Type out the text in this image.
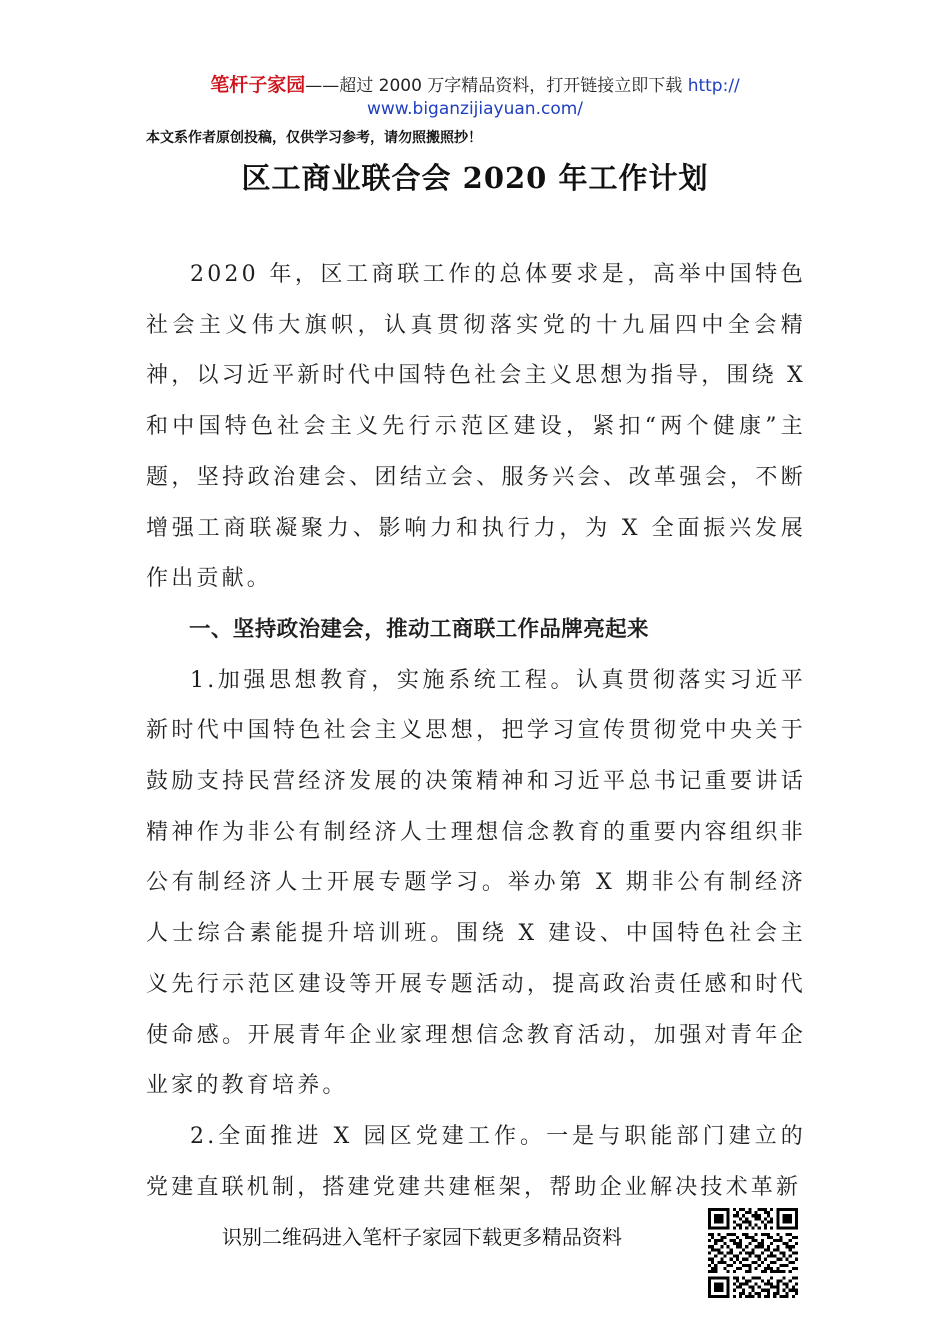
笔杆子家园——超过 2000 万字精品资料，打开链接立即下载 http://
www.biganzijiayuan.com/
本文系作者原创投稿，仅供学习参考，请勿照搬照抄！
区工商业联合会 2020 年工作计划

2020 年，区工商联工作的总体要求是，高举中国特色社会主义伟大旗帜，认真贯彻落实党的十九届四中全会精神，以习近平新时代中国特色社会主义思想为指导，围绕 X 和中国特色社会主义先行示范区建设，紧扣“两个健康”主题，坚持政治建会、团结立会、服务兴会、改革强会，不断增强工商联凝聚力、影响力和执行力，为 X 全面振兴发展作出贡献。

一、坚持政治建会，推动工商联工作品牌亮起来

1.加强思想教育，实施系统工程。认真贯彻落实习近平新时代中国特色社会主义思想，把学习宣传贯彻党中央关于鼓励支持民营经济发展的决策精神和习近平总书记重要讲话精神作为非公有制经济人士理想信念教育的重要内容组织非公有制经济人士开展专题学习。举办第 X 期非公有制经济人士综合素能提升培训班。围绕 X 建设、中国特色社会主义先行示范区建设等开展专题活动，提高政治责任感和时代使命感。开展青年企业家理想信念教育活动，加强对青年企业家的教育培养。

2.全面推进 X 园区党建工作。一是与职能部门建立的党建直联机制，搭建党建共建框架，帮助企业解决技术革新

识别二维码进入笔杆子家园下载更多精品资料
